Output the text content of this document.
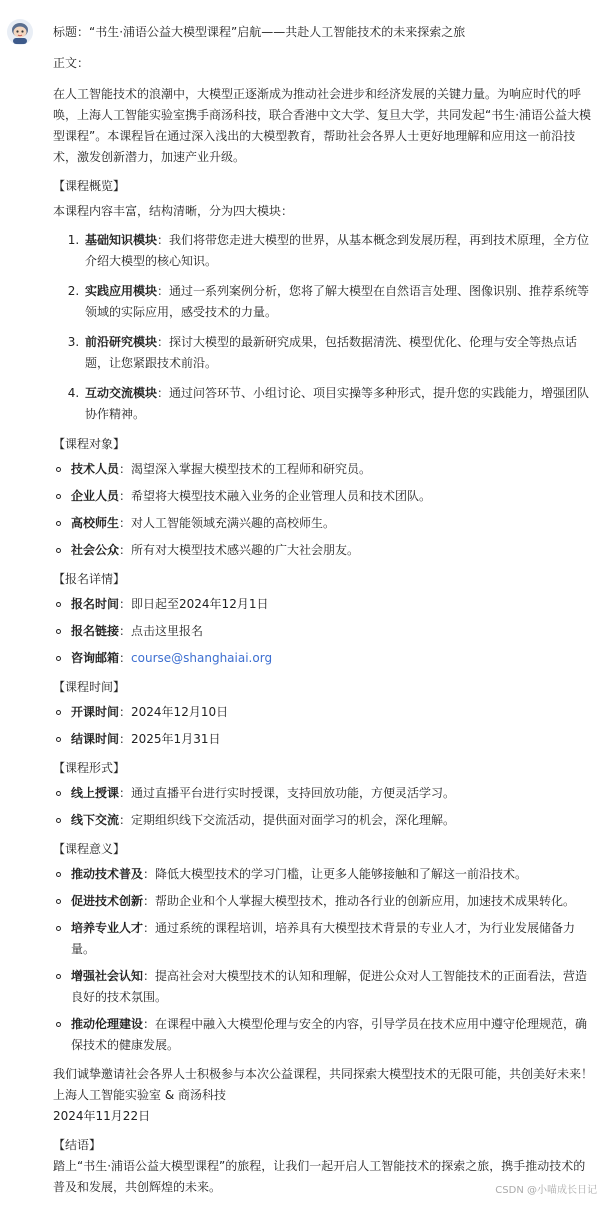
标题：“书生·浦语公益大模型课程”启航——共赴人工智能技术的未来探索之旅

正文：

在人工智能技术的浪潮中，大模型正逐渐成为推动社会进步和经济发展的关键力量。为响应时代的呼唤，上海人工智能实验室携手商汤科技，联合香港中文大学、复旦大学，共同发起“书生·浦语公益大模型课程”。本课程旨在通过深入浅出的大模型教育，帮助社会各界人士更好地理解和应用这一前沿技术，激发创新潜力，加速产业升级。

【课程概览】

本课程内容丰富，结构清晰，分为四大模块：

1. 基础知识模块：我们将带您走进大模型的世界，从基本概念到发展历程，再到技术原理，全方位介绍大模型的核心知识。
2. 实践应用模块：通过一系列案例分析，您将了解大模型在自然语言处理、图像识别、推荐系统等领域的实际应用，感受技术的力量。
3. 前沿研究模块：探讨大模型的最新研究成果，包括数据清洗、模型优化、伦理与安全等热点话题，让您紧跟技术前沿。
4. 互动交流模块：通过问答环节、小组讨论、项目实操等多种形式，提升您的实践能力，增强团队协作精神。

【课程对象】

技术人员：渴望深入掌握大模型技术的工程师和研究员。
企业人员：希望将大模型技术融入业务的企业管理人员和技术团队。
高校师生：对人工智能领域充满兴趣的高校师生。
社会公众：所有对大模型技术感兴趣的广大社会朋友。

【报名详情】

报名时间：即日起至2024年12月1日
报名链接：点击这里报名
咨询邮箱：course@shanghaiai.org

【课程时间】

开课时间：2024年12月10日
结课时间：2025年1月31日

【课程形式】

线上授课：通过直播平台进行实时授课，支持回放功能，方便灵活学习。
线下交流：定期组织线下交流活动，提供面对面学习的机会，深化理解。

【课程意义】

推动技术普及：降低大模型技术的学习门槛，让更多人能够接触和了解这一前沿技术。
促进技术创新：帮助企业和个人掌握大模型技术，推动各行业的创新应用，加速技术成果转化。
培养专业人才：通过系统的课程培训，培养具有大模型技术背景的专业人才，为行业发展储备力量。
增强社会认知：提高社会对大模型技术的认知和理解，促进公众对人工智能技术的正面看法，营造良好的技术氛围。
推动伦理建设：在课程中融入大模型伦理与安全的内容，引导学员在技术应用中遵守伦理规范，确保技术的健康发展。

我们诚挚邀请社会各界人士积极参与本次公益课程，共同探索大模型技术的无限可能，共创美好未来！

上海人工智能实验室 & 商汤科技

2024年11月22日

【结语】

踏上“书生·浦语公益大模型课程”的旅程，让我们一起开启人工智能技术的探索之旅，携手推动技术的普及和发展，共创辉煌的未来。	CSDN @小喵成长日记
